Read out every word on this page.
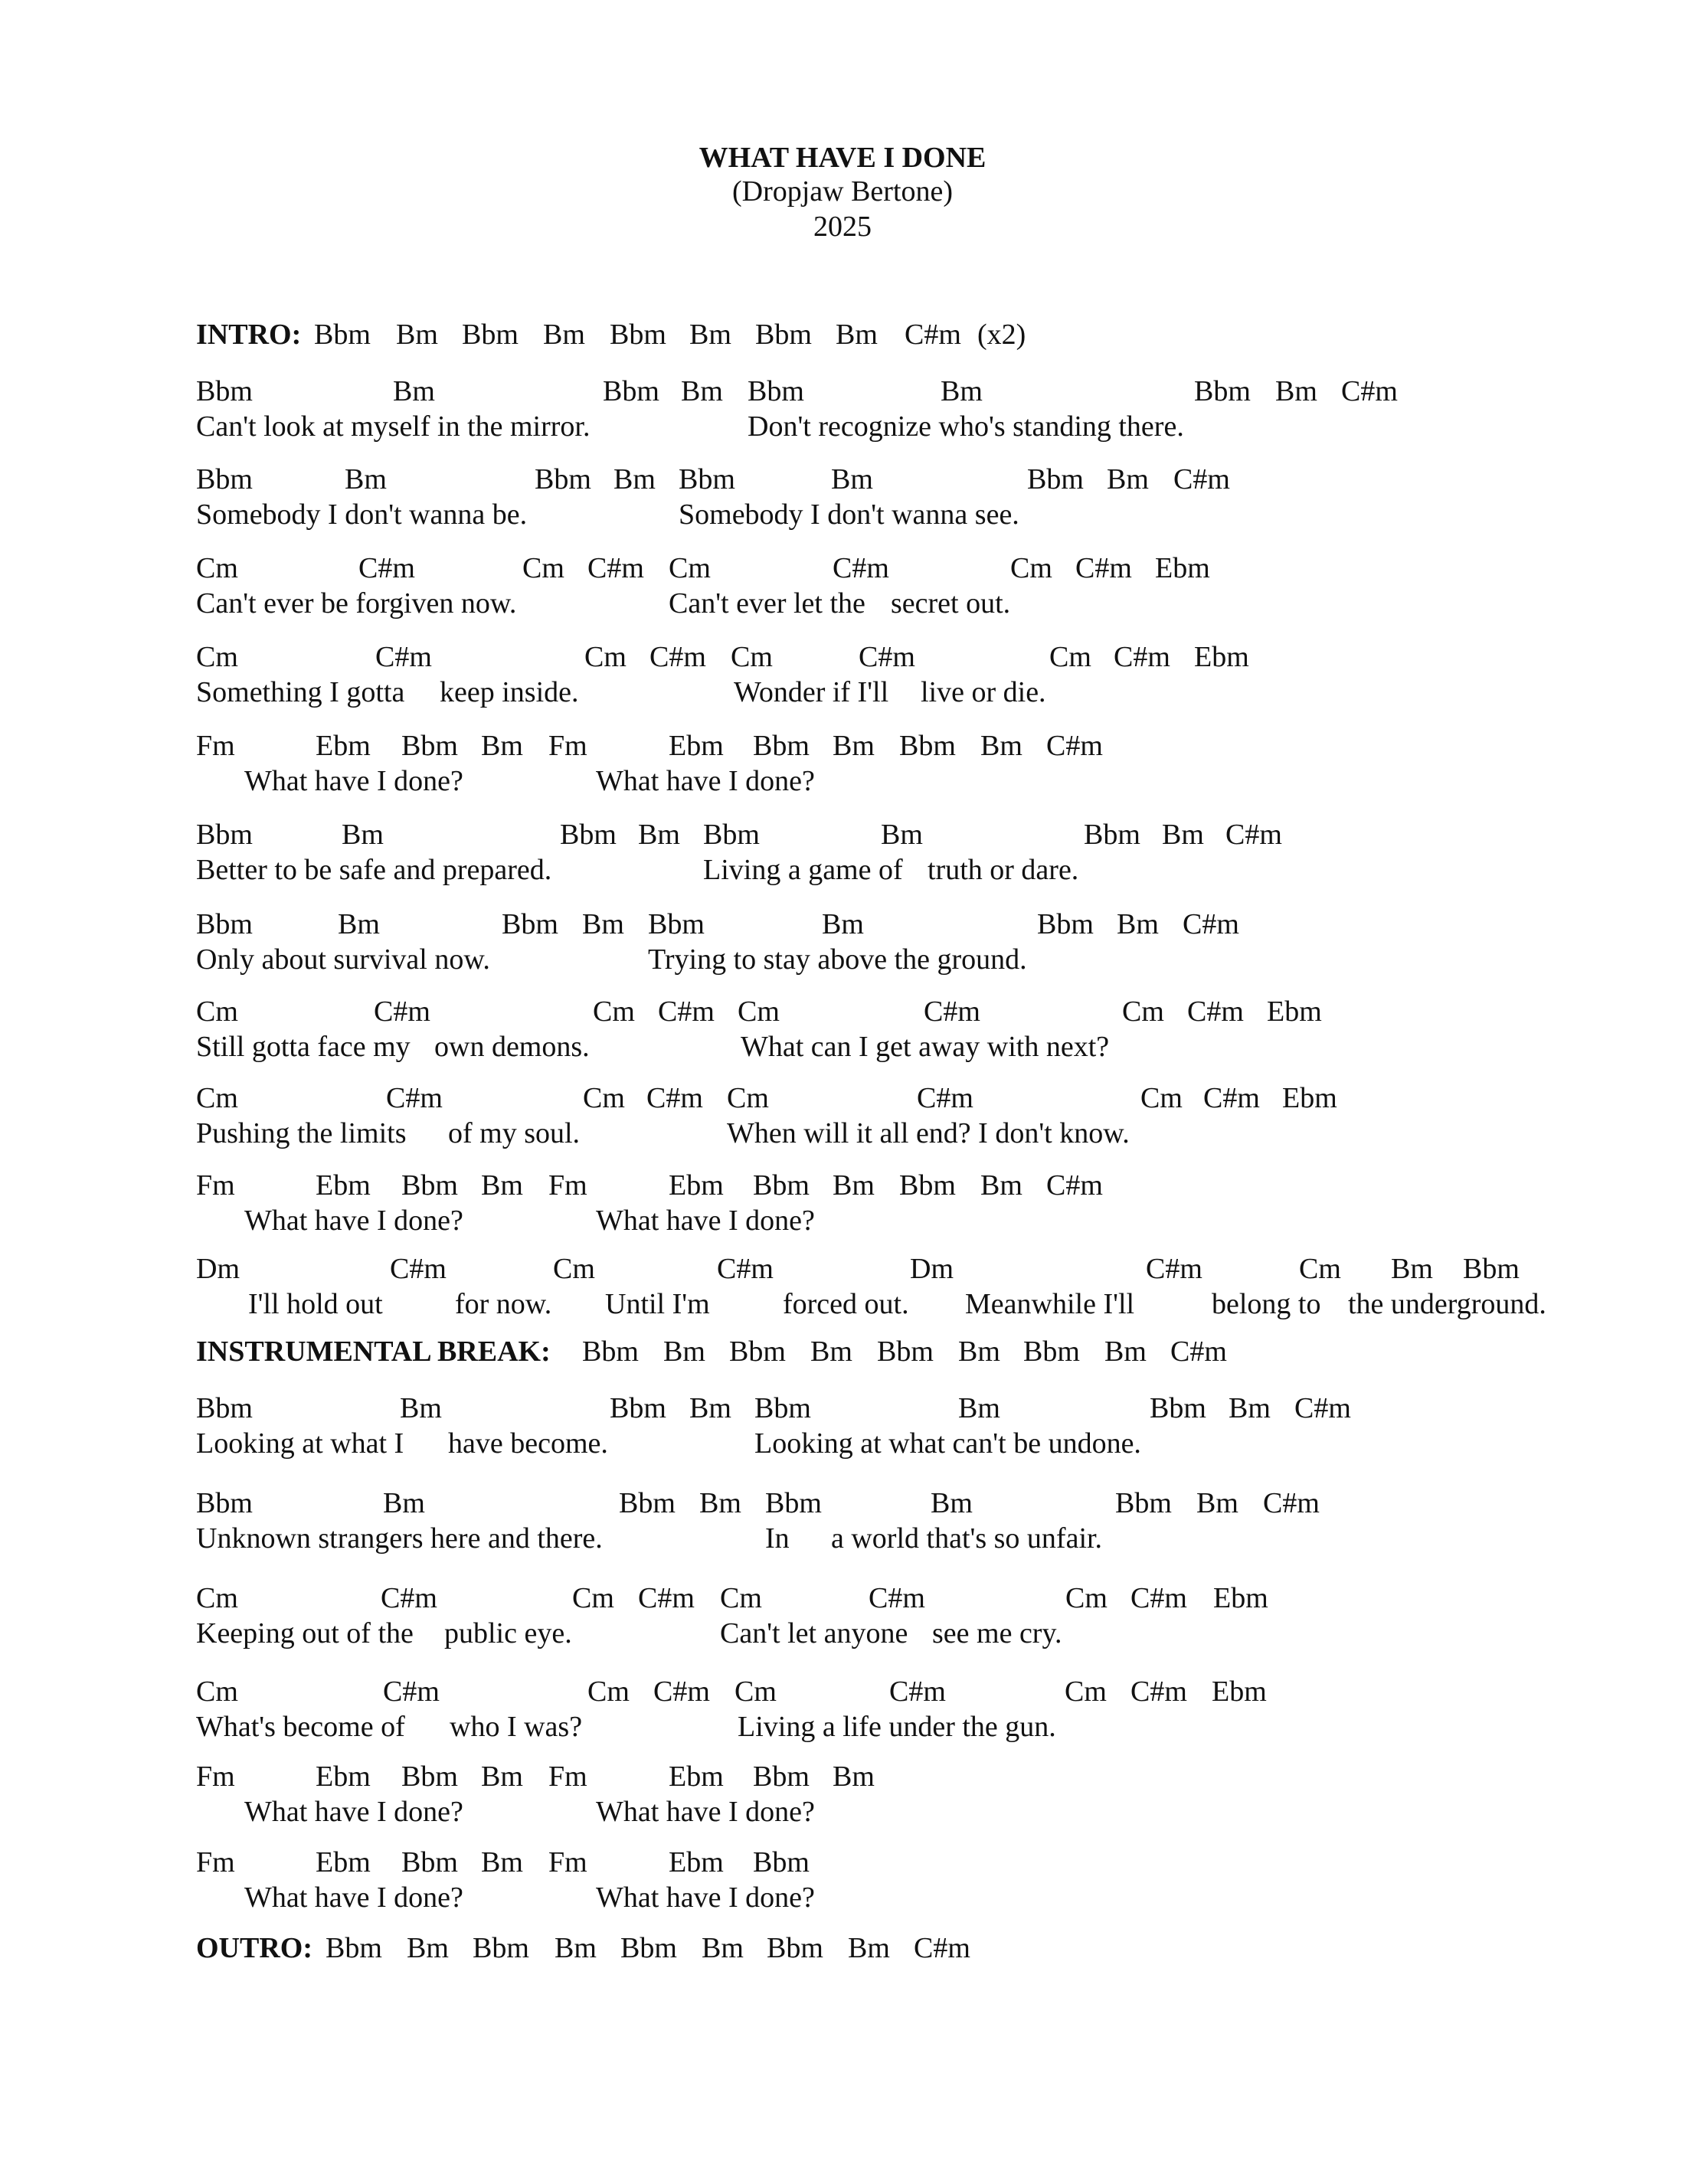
WHAT HAVE I DONE
(Dropjaw Bertone)
2025
INTRO: Bbm Bm Bbm Bm Bbm Bm Bbm Bm C#m (x2)
Bbm	Bm	Bbm Bm Bbm	Bm	Bbm Bm C#m
Can't look at myself in the mirror.	Don't recognize who's standing there.
Bbm	Bm	Bbm Bm Bbm	Bm	Bbm Bm C#m
Somebody I don't wanna be.	Somebody I don't wanna see.
Cm	C#m	Cm C#m Cm	C#m	Cm C#m Ebm
Can't ever be forgiven now.	Can't ever let the secret out.
Cm	C#m	Cm C#m Cm	C#m	Cm C#m Ebm
Something I gotta keep inside.	Wonder if I'll live or die.
Fm	Ebm Bbm Bm Fm	Ebm Bbm Bm Bbm Bm C#m
What have I done?	What have I done?
Bbm	Bm	Bbm Bm Bbm	Bm	Bbm Bm C#m
Better to be safe and prepared.	Living a game of truth or dare.
Bbm	Bm	Bbm Bm Bbm	Bm	Bbm Bm C#m
Only about survival now.	Trying to stay above the ground.
Cm	C#m	Cm C#m Cm	C#m	Cm C#m Ebm
Still gotta face my own demons.	What can I get away with next?
Cm	C#m	Cm C#m Cm	C#m	Cm C#m Ebm
Pushing the limits of my soul.	When will it all end? I don't know.
Fm	Ebm Bbm Bm Fm	Ebm Bbm Bm Bbm Bm C#m
What have I done?	What have I done?
Dm	C#m	Cm	C#m	Dm	C#m	Cm Bm Bbm
I'll hold out for now. Until I'm	forced out. Meanwhile I'll	belong to the underground.
INSTRUMENTAL BREAK: Bbm Bm Bbm Bm Bbm Bm Bbm Bm C#m
Bbm	Bm	Bbm Bm Bbm	Bm	Bbm Bm C#m
Looking at what I have become.	Looking at what can't be undone.
Bbm	Bm	Bbm Bm Bbm	Bm	Bbm Bm C#m
Unknown strangers here and there.	In a world that's so unfair.
Cm	C#m	Cm C#m Cm	C#m	Cm C#m Ebm
Keeping out of the public eye.	Can't let anyone see me cry.
Cm	C#m	Cm C#m Cm	C#m	Cm C#m Ebm
What's become of who I was?	Living a life under the gun.
Fm	Ebm Bbm Bm Fm	Ebm Bbm Bm
What have I done?	What have I done?
Fm	Ebm Bbm Bm Fm	Ebm Bbm
What have I done?	What have I done?
OUTRO: Bbm Bm Bbm Bm Bbm Bm Bbm Bm C#m
